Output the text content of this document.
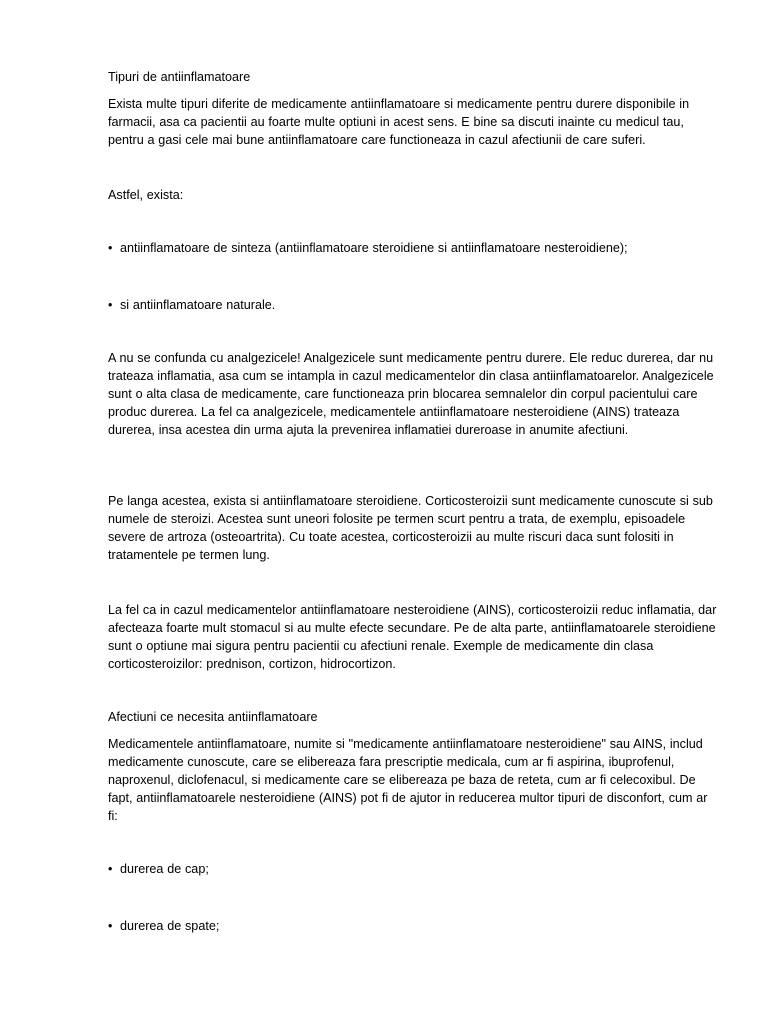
Tipuri de antiinflamatoare

Exista multe tipuri diferite de medicamente antiinflamatoare si medicamente pentru durere disponibile in farmacii, asa ca pacientii au foarte multe optiuni in acest sens. E bine sa discuti inainte cu medicul tau, pentru a gasi cele mai bune antiinflamatoare care functioneaza in cazul afectiunii de care suferi.

Astfel, exista:

• antiinflamatoare de sinteza (antiinflamatoare steroidiene si antiinflamatoare nesteroidiene);

• si antiinflamatoare naturale.

A nu se confunda cu analgezicele! Analgezicele sunt medicamente pentru durere. Ele reduc durerea, dar nu trateaza inflamatia, asa cum se intampla in cazul medicamentelor din clasa antiinflamatoarelor. Analgezicele sunt o alta clasa de medicamente, care functioneaza prin blocarea semnalelor din corpul pacientului care produc durerea. La fel ca analgezicele, medicamentele antiinflamatoare nesteroidiene (AINS) trateaza durerea, insa acestea din urma ajuta la prevenirea inflamatiei dureroase in anumite afectiuni.

Pe langa acestea, exista si antiinflamatoare steroidiene. Corticosteroizii sunt medicamente cunoscute si sub numele de steroizi. Acestea sunt uneori folosite pe termen scurt pentru a trata, de exemplu, episoadele severe de artroza (osteoartrita). Cu toate acestea, corticosteroizii au multe riscuri daca sunt folositi in tratamentele pe termen lung.

La fel ca in cazul medicamentelor antiinflamatoare nesteroidiene (AINS), corticosteroizii reduc inflamatia, dar afecteaza foarte mult stomacul si au multe efecte secundare. Pe de alta parte, antiinflamatoarele steroidiene sunt o optiune mai sigura pentru pacientii cu afectiuni renale. Exemple de medicamente din clasa corticosteroizilor: prednison, cortizon, hidrocortizon.

Afectiuni ce necesita antiinflamatoare

Medicamentele antiinflamatoare, numite si "medicamente antiinflamatoare nesteroidiene" sau AINS, includ medicamente cunoscute, care se elibereaza fara prescriptie medicala, cum ar fi aspirina, ibuprofenul, naproxenul, diclofenacul, si medicamente care se elibereaza pe baza de reteta, cum ar fi celecoxibul. De fapt, antiinflamatoarele nesteroidiene (AINS) pot fi de ajutor in reducerea multor tipuri de disconfort, cum ar fi:

• durerea de cap;

• durerea de spate;
